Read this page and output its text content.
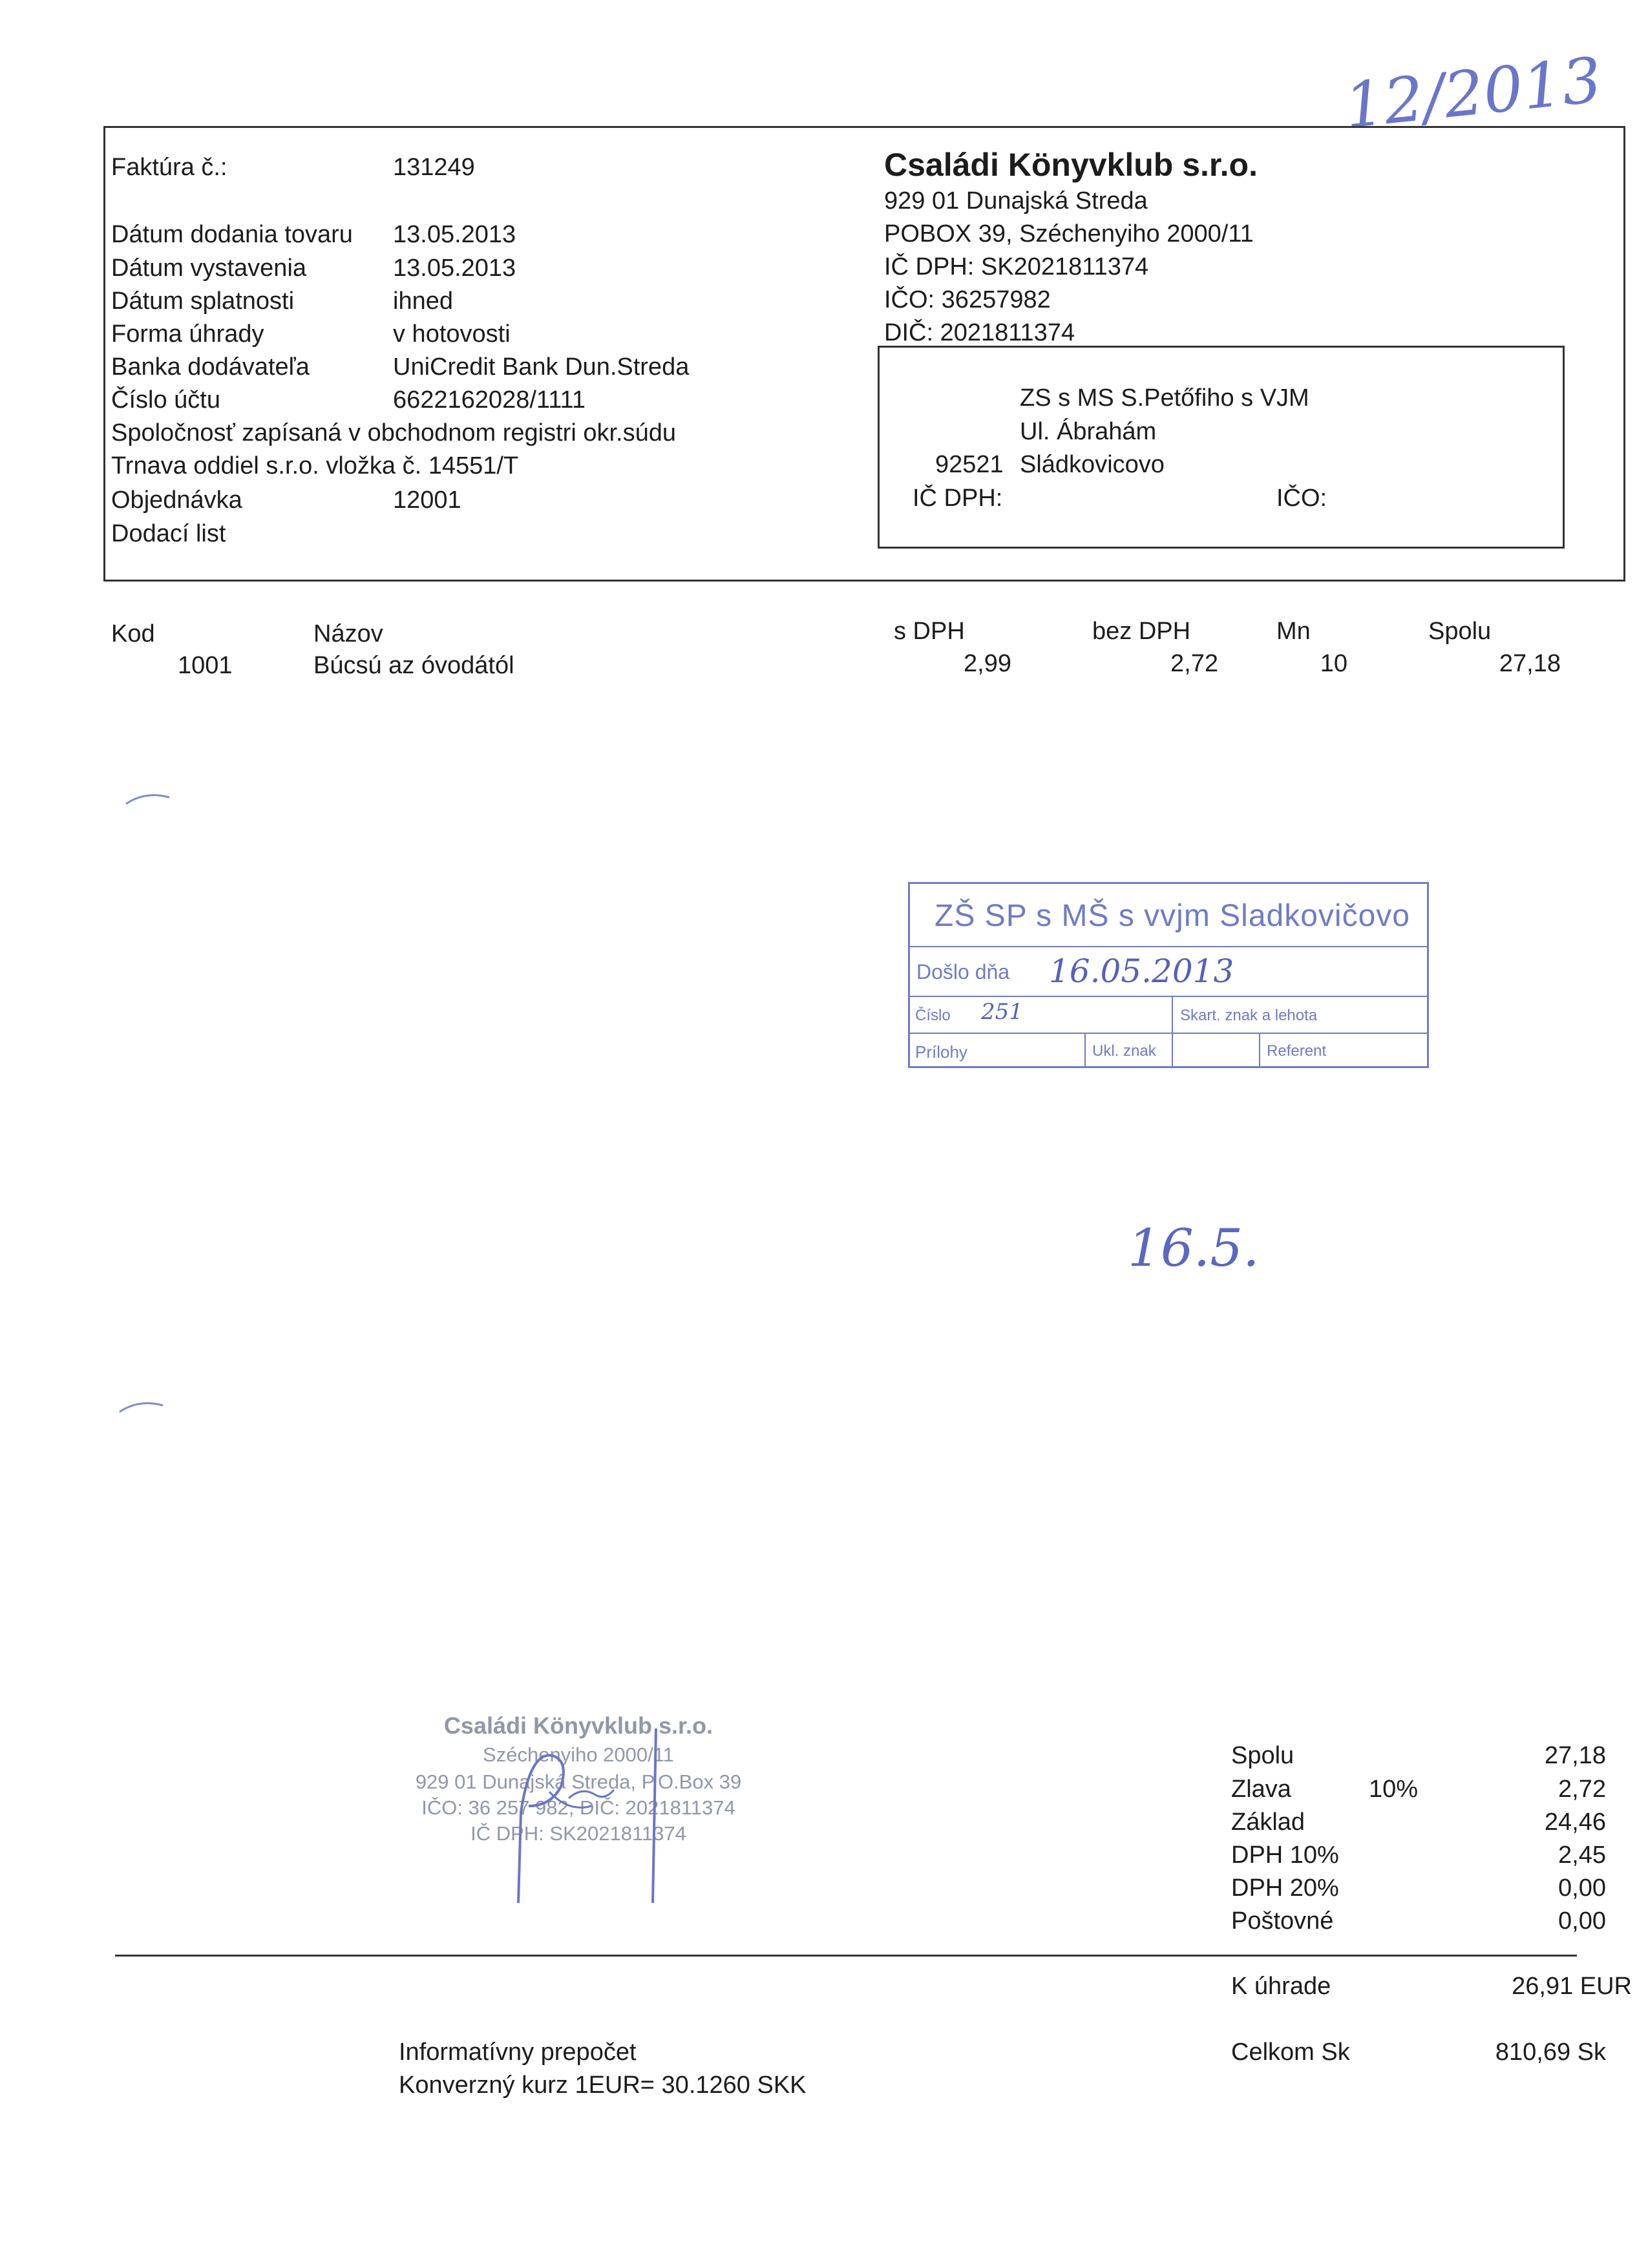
12/2013
Faktúra č.:	131249
Dátum dodania tovaru 13.05.2013
Dátum vystavenia	13.05.2013
Dátum splatnosti	ihned
Forma úhrady	v hotovosti
Banka dodávateľa	UniCredit Bank Dun.Streda
Číslo účtu	6622162028/1111
Spoločnosť zapísaná v obchodnom registri okr.súdu
Trnava oddiel s.r.o. vložka č. 14551/T
Objednávka	12001
Dodací list
Családi Könyvklub s.r.o.
929 01 Dunajská Streda
POBOX 39, Széchenyiho 2000/11
IČ DPH: SK2021811374
IČO: 36257982
DIČ: 2021811374
ZS s MS S.Petőfiho s VJM
Ul. Ábrahám
92521 Sládkovicovo
IČ DPH:	IČO:
Kod	Názov	s DPH	bez DPH	Mn	Spolu
1001	Búcsú az óvodától	2,99	2,72	10	27,18
ZŠ SP s MŠ s vvjm Sladkovičovo
Došlo dňa 16.05.2013
Číslo 251	Skart. znak a lehota
Prílohy	Ukl. znak	Referent
16.5.
Családi Könyvklub s.r.o.
Széchenyiho 2000/11
929 01 Dunajská Streda, P.O.Box 39
IČO: 36 257 982, DIČ: 2021811374
IČ DPH: SK2021811374
Spolu	27,18
Zlava	10%	2,72
Základ	24,46
DPH 10%	2,45
DPH 20%	0,00
Poštovné	0,00
K úhrade	26,91 EUR
Informatívny prepočet
Konverzný kurz 1EUR= 30.1260 SKK
Celkom Sk	810,69 Sk
